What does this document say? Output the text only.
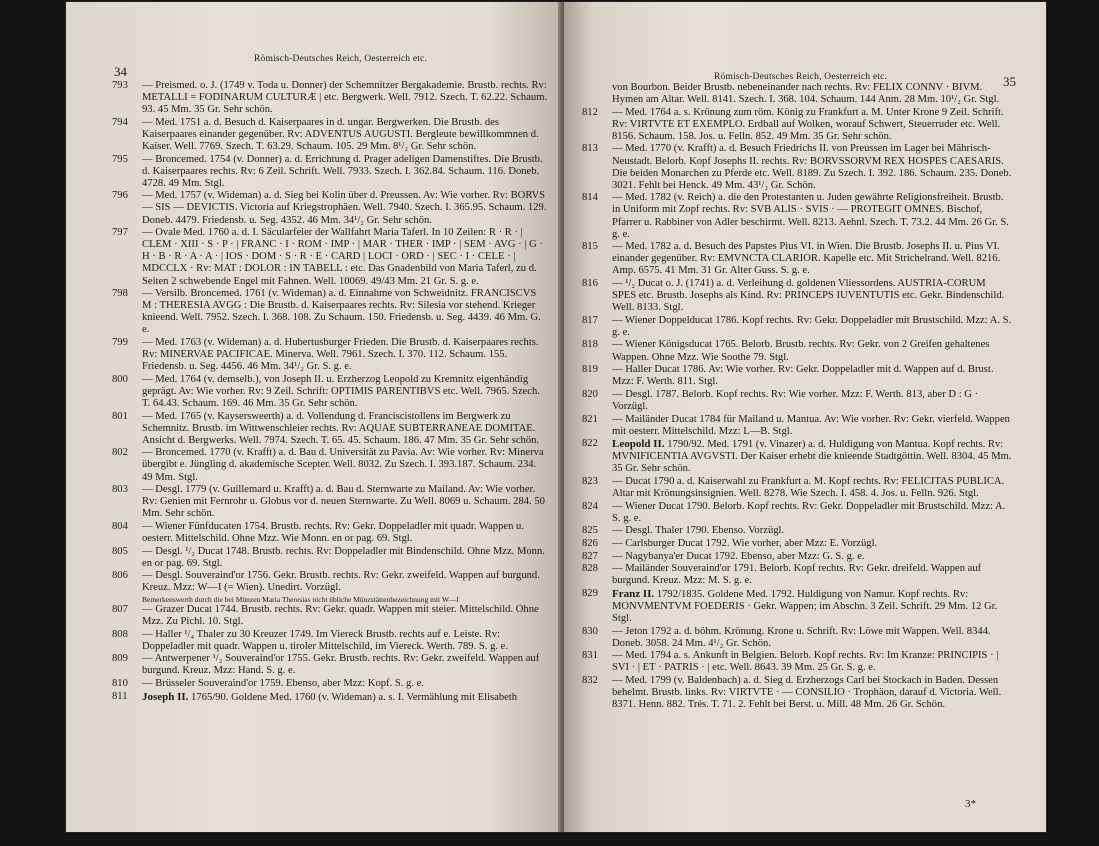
34
Römisch-Deutsches Reich, Oesterreich etc.
793	— Preismed. o. J. (1749 v. Toda u. Donner) der Schemnitzer Bergakademie. Brustb. rechts. Rv: METALLI = FODINARUM CULTURÆ | etc. Bergwerk. Well. 7912. Szech. T. 62.22. Schaum. 93. 45 Mm. 35 Gr. Sehr schön.
794	— Med. 1751 a. d. Besuch d. Kaiserpaares in d. ungar. Bergwerken. Die Brustb. des Kaiserpaares einander gegenüber. Rv: ADVENTUS AUGUSTI. Bergleute bewillkommnen d. Kaiser. Well. 7769. Szech. T. 63.29. Schaum. 105. 29 Mm. 8¹/₂ Gr. Sehr schön.
795	— Broncemed. 1754 (v. Donner) a. d. Errichtung d. Prager adeligen Damenstiftes. Die Brustb. d. Kaiserpaares rechts. Rv: 6 Zeil. Schrift. Well. 7933. Szech. I. 362.84. Schaum. 116. Doneb. 4728. 49 Mm. Stgl.
796	— Med. 1757 (v. Wideman) a. d. Sieg bei Kolin über d. Preussen. Av: Wie vorher. Rv: BORVS — SIS — DEVICTIS. Victoria auf Kriegstrophäen. Well. 7940. Szech. I. 365.95. Schaum. 129. Doneb. 4479. Friedensb. u. Seg. 4352. 46 Mm. 34¹/₂ Gr. Sehr schön.
797	— Ovale Med. 1760 a. d. I. Säcularfeier der Wallfahrt Maria Taferl. In 10 Zeilen: R · R · | CLEM · XIII · S · P · | FRANC · I · ROM · IMP · | MAR · THER · IMP · | SEM · AVG · | G · H · B · R · A · A · | IOS · DOM · S · R · E · CARD | LOCI · ORD · | SEC · I · CELE · | MDCCLX · Rv: MAT : DOLOR : IN TABELL : etc. Das Gnadenbild von Maria Taferl, zu d. Seiten 2 schwebende Engel mit Fahnen. Well. 10069. 49/43 Mm. 21 Gr. S. g. e.
798	— Versilb. Broncemed. 1761 (v. Wideman) a. d. Einnahme von Schweidnitz. FRANCISCVS M : THERESIA AVGG : Die Brustb. d. Kaiserpaares rechts. Rv: Silesia vor stehend. Krieger knieend. Well. 7952. Szech. I. 368. 108. Zu Schaum. 150. Friedensb. u. Seg. 4439. 46 Mm. G. e.
799	— Med. 1763 (v. Wideman) a. d. Hubertusburger Frieden. Die Brustb. d. Kaiserpaares rechts. Rv: MINERVAE PACIFICAE. Minerva. Well. 7961. Szech. I. 370. 112. Schaum. 155. Friedensb. u. Seg. 4456. 46 Mm. 34¹/₂ Gr. S. g. e.
800	— Med. 1764 (v. demselb.), von Joseph II. u. Erzherzog Leopold zu Kremnitz eigenhändig geprägt. Av: Wie vorher. Rv: 9 Zeil. Schrift: OPTIMIS PARENTIBVS etc. Well. 7965. Szech. T. 64.43. Schaum. 169. 46 Mm. 35 Gr. Sehr schön.
801	— Med. 1765 (v. Kaysersweerth) a. d. Vollendung d. Franciscistollens im Bergwerk zu Schemnitz. Brustb. im Wittwenschleier rechts. Rv: AQUAE SUBTERRANEAE DOMITAE. Ansicht d. Bergwerks. Well. 7974. Szech. T. 65. 45. Schaum. 186. 47 Mm. 35 Gr. Sehr schön.
802	— Broncemed. 1770 (v. Krafft) a. d. Bau d. Universität zu Pavia. Av: Wie vorher. Rv: Minerva übergibt e. Jüngling d. akademische Scepter. Well. 8032. Zu Szech. I. 393.187. Schaum. 234. 49 Mm. Stgl.
803	— Desgl. 1779 (v. Guillemard u. Krafft) a. d. Bau d. Sternwarte zu Mailand. Av: Wie vorher. Rv: Genien mit Fernrohr u. Globus vor d. neuen Sternwarte. Zu Well. 8069 u. Schaum. 284. 50 Mm. Sehr schön.
804	— Wiener Fünfducaten 1754. Brustb. rechts. Rv: Gekr. Doppeladler mit quadr. Wappen u. oesterr. Mittelschild. Ohne Mzz. Wie Monn. en or pag. 69. Stgl.
805	— Desgl. ¹/₂ Ducat 1748. Brustb. rechts. Rv: Doppeladler mit Bindenschild. Ohne Mzz. Monn. en or pag. 69. Stgl.
806	— Desgl. Souveraind'or 1756. Gekr. Brustb. rechts. Rv: Gekr. zweifeld. Wappen auf burgund. Kreuz. Mzz: W—I (= Wien). Unedirt. Vorzügl.
Bemerkenswerth durch die bei Münzen Maria Theresias nicht übliche Münzstättenbezeichnung mit W—I
807	— Grazer Ducat 1744. Brustb. rechts. Rv: Gekr. quadr. Wappen mit steier. Mittelschild. Ohne Mzz. Zu Pichl. 10. Stgl.
808	— Haller ¹/₄ Thaler zu 30 Kreuzer 1749. Im Viereck Brustb. rechts auf e. Leiste. Rv: Doppeladler mit quadr. Wappen u. tiroler Mittelschild, im Viereck. Werth. 789. S. g. e.
809	— Antwerpener ¹/₂ Souveraind'or 1755. Gekr. Brustb. rechts. Rv: Gekr. zweifeld. Wappen auf burgund. Kreuz. Mzz: Hand. S. g. e.
810	— Brüsseler Souveraind'or 1759. Ebenso, aber Mzz: Kopf. S. g. e.
811	Joseph II. 1765/90. Goldene Med. 1760 (v. Wideman) a. s. I. Vermählung mit Elisabeth
Römisch-Deutsches Reich, Oesterreich etc.	35
von Bourbon. Beider Brustb. nebeneinander nach rechts. Rv: FELIX CONNV · BIVM. Hymen am Altar. Well. 8141. Szech. I. 368. 104. Schaum. 144 Anm. 28 Mm. 10¹/₂ Gr. Stgl.
812	— Med. 1764 a. s. Krönung zum röm. König zu Frankfurt a. M. Unter Krone 9 Zeil. Schrift. Rv: VIRTVTE ET EXEMPLO. Erdball auf Wolken, worauf Schwert, Steuerruder etc. Well. 8156. Schaum. 158. Jos. u. Felln. 852. 49 Mm. 35 Gr. Sehr schön.
813	— Med. 1770 (v. Krafft) a. d. Besuch Friedrichs II. von Preussen im Lager bei Mährisch-Neustadt. Belorb. Kopf Josephs II. rechts. Rv: BORVSSORVM REX HOSPES CAESARIS. Die beiden Monarchen zu Pferde etc. Well. 8189. Zu Szech. I. 392. 186. Schaum. 235. Doneb. 3021. Fehlt bei Henck. 49 Mm. 43¹/₂ Gr. Schön.
814	— Med. 1782 (v. Reich) a. die den Protestanten u. Juden gewährte Religionsfreiheit. Brustb. in Uniform mit Zopf rechts. Rv: SVB ALIS · SVIS · — PROTEGIT OMNES. Bischof, Pfarrer u. Rabbiner von Adler beschirmt. Well. 8213. Aehnl. Szech. T. 73.2. 44 Mm. 26 Gr. S. g. e.
815	— Med. 1782 a. d. Besuch des Papstes Pius VI. in Wien. Die Brustb. Josephs II. u. Pius VI. einander gegenüber. Rv: EMVNCTA CLARIOR. Kapelle etc. Mit Strichelrand. Well. 8216. Amp. 6575. 41 Mm. 31 Gr. Alter Guss. S. g. e.
816	— ¹/₂ Ducat o. J. (1741) a. d. Verleihung d. goldenen Vliessordens. AUSTRIA-CORUM SPES etc. Brustb. Josephs als Kind. Rv: PRINCEPS IUVENTUTIS etc. Gekr. Bindenschild. Well. 8133. Stgl.
817	— Wiener Doppelducat 1786. Kopf rechts. Rv: Gekr. Doppeladler mit Brustschild. Mzz: A. S. g. e.
818	— Wiener Königsducat 1765. Belorb. Brustb. rechts. Rv: Gekr. von 2 Greifen gehaltenes Wappen. Ohne Mzz. Wie Soothe 79. Stgl.
819	— Haller Ducat 1786. Av: Wie vorher. Rv: Gekr. Doppeladler mit d. Wappen auf d. Brust. Mzz: F. Werth. 811. Stgl.
820	— Desgl. 1787. Belorb. Kopf rechts. Rv: Wie vorher. Mzz: F. Werth. 813, aber D : G · Vorzügl.
821	— Mailänder Ducat 1784 für Mailand u. Mantua. Av: Wie vorher. Rv: Gekr. vierfeld. Wappen mit oesterr. Mittelschild. Mzz: L—B. Stgl.
822	Leopold II. 1790/92. Med. 1791 (v. Vinazer) a. d. Huldigung von Mantua. Kopf rechts. Rv: MVNIFICENTIA AVGVSTI. Der Kaiser erhebt die knieende Stadtgöttin. Well. 8304. 45 Mm. 35 Gr. Sehr schön.
823	— Ducat 1790 a. d. Kaiserwahl zu Frankfurt a. M. Kopf rechts. Rv: FELICITAS PUBLICA. Altar mit Krönungsinsignien. Well. 8278. Wie Szech. I. 458. 4. Jos. u. Felln. 926. Stgl.
824	— Wiener Ducat 1790. Belorb. Kopf rechts. Rv: Gekr. Doppeladler mit Brustschild. Mzz: A. S. g. e.
825	— Desgl. Thaler 1790. Ebenso. Vorzügl.
826	— Carlsburger Ducat 1792. Wie vorher, aber Mzz: E. Vorzügl.
827	— Nagybanya'er Ducat 1792. Ebenso, aber Mzz: G. S. g. e.
828	— Mailänder Souveraind'or 1791. Belorb. Kopf rechts. Rv: Gekr. dreifeld. Wappen auf burgund. Kreuz. Mzz: M. S. g. e.
829	Franz II. 1792/1835. Goldene Med. 1792. Huldigung von Namur. Kopf rechts. Rv: MONVMENTVM FOEDERIS · Gekr. Wappen; im Abschn. 3 Zeil. Schrift. 29 Mm. 12 Gr. Stgl.
830	— Jeton 1792 a. d. böhm. Krönung. Krone u. Schrift. Rv: Löwe mit Wappen. Well. 8344. Doneb. 3058. 24 Mm. 4¹/₂ Gr. Schön.
831	— Med. 1794 a. s. Ankunft in Belgien. Belorb. Kopf rechts. Rv: Im Kranze: PRINCIPIS · | SVI · | ET · PATRIS · | etc. Well. 8643. 39 Mm. 25 Gr. S. g. e.
832	— Med. 1799 (v. Baldenbach) a. d. Sieg d. Erzherzogs Carl bei Stockach in Baden. Dessen behelmt. Brustb. links. Rv: VIRTVTE · — CONSILIO · Trophäon, darauf d. Victoria. Well. 8371. Henn. 882. Trés. T. 71. 2. Fehlt bei Berst. u. Mill. 48 Mm. 26 Gr. Schön.
3*
